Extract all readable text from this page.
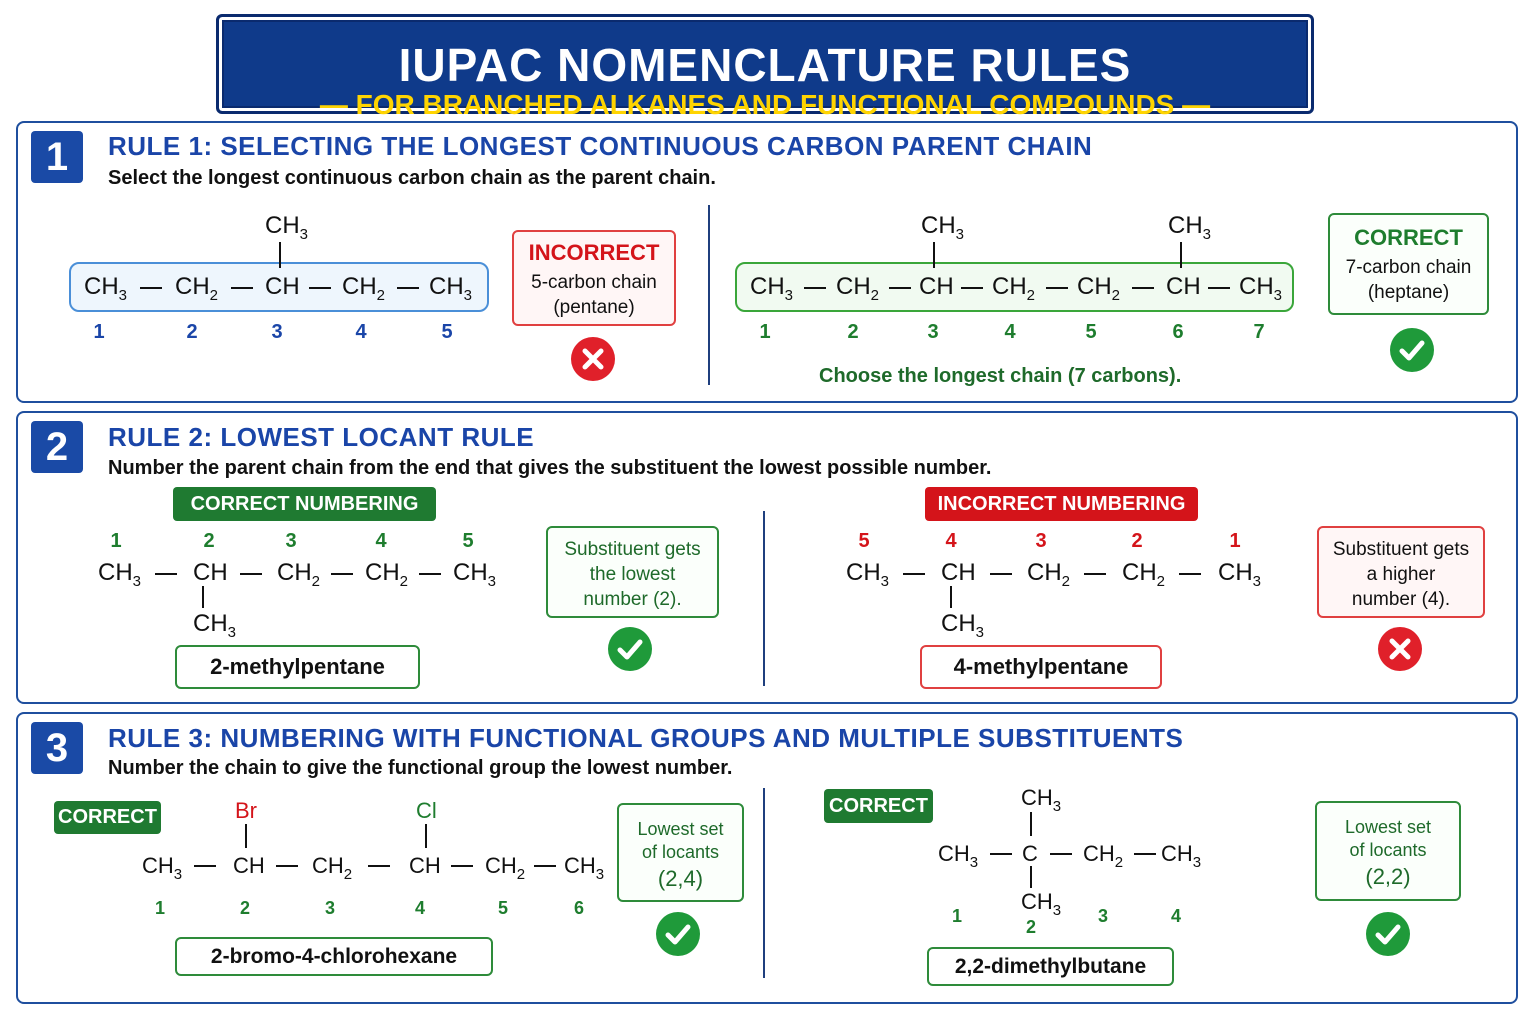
IUPAC NOMENCLATURE RULES
— FOR BRANCHED ALKANES AND FUNCTIONAL COMPOUNDS —
1	RULE 1: SELECTING THE LONGEST CONTINUOUS CARBON PARENT CHAIN
Select the longest continuous carbon chain as the parent chain.
$CH_3$
$CH_3$ $CH_2$ CH $CH_2$ $CH_3$
1	2	3	4	5
INCORRECT
5-carbon chain
(pentane)
$CH_3$	$CH_3$
$CH_3$ $CH_2$ CH $CH_2$ $CH_2$ CH $CH_3$
1	2	3	4	5	6	7
Choose the longest chain (7 carbons).
CORRECT
7-carbon chain
(heptane)
2	RULE 2: LOWEST LOCANT RULE
Number the parent chain from the end that gives the substituent the lowest possible number.
CORRECT NUMBERING
1	2	3	4	5
$CH_3$ CH $CH_2$ $CH_2$ $CH_3$
$CH_3$
2-methylpentane
Substituent gets
the lowest
number (2).
INCORRECT NUMBERING
5	4	3	2	1
$CH_3$ CH $CH_2$ $CH_2$ $CH_3$
$CH_3$
4-methylpentane
Substituent gets
a higher
number (4).
3	RULE 3: NUMBERING WITH FUNCTIONAL GROUPS AND MULTIPLE SUBSTITUENTS
Number the chain to give the functional group the lowest number.
CORRECT	Br	Cl
$CH_3$ CH $CH_2$	CH $CH_2$ $CH_3$
1	2	3	4	5	6
2-bromo-4-chlorohexane
Lowest set
of locants
(2,4)
CORRECT	$CH_3$
$CH_3$ C $CH_2$ $CH_3$
$CH_3$
1
2
3	4
2,2-dimethylbutane
Lowest set
of locants
(2,2)
